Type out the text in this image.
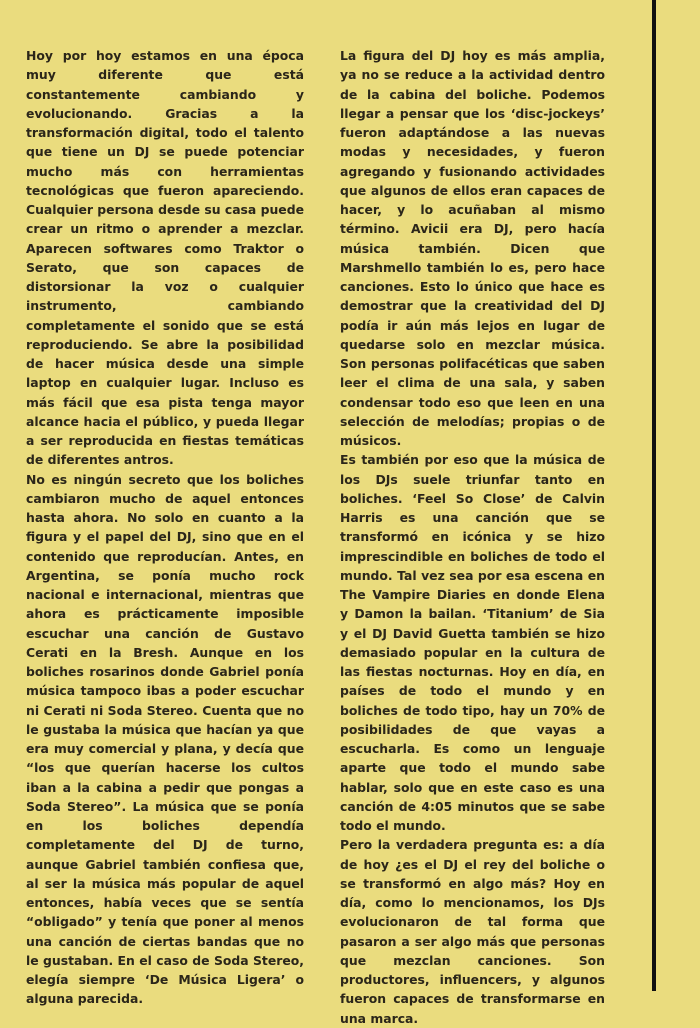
Hoy por hoy estamos en una época muy diferente que está constantemente cambiando y evolucionando. Gracias a la transformación digital, todo el talento que tiene un DJ se puede potenciar mucho más con herramientas tecnológicas que fueron apareciendo. Cualquier persona desde su casa puede crear un ritmo o aprender a mezclar. Aparecen softwares como Traktor o Serato, que son capaces de distorsionar la voz o cualquier instrumento, cambiando completamente el sonido que se está reproduciendo. Se abre la posibilidad de hacer música desde una simple laptop en cualquier lugar. Incluso es más fácil que esa pista tenga mayor alcance hacia el público, y pueda llegar a ser reproducida en fiestas temáticas de diferentes antros.

No es ningún secreto que los boliches cambiaron mucho de aquel entonces hasta ahora. No solo en cuanto a la figura y el papel del DJ, sino que en el contenido que reproducían. Antes, en Argentina, se ponía mucho rock nacional e internacional, mientras que ahora es prácticamente imposible escuchar una canción de Gustavo Cerati en la Bresh. Aunque en los boliches rosarinos donde Gabriel ponía música tampoco ibas a poder escuchar ni Cerati ni Soda Stereo. Cuenta que no le gustaba la música que hacían ya que era muy comercial y plana, y decía que “los que querían hacerse los cultos iban a la cabina a pedir que pongas a Soda Stereo”. La música que se ponía en los boliches dependía completamente del DJ de turno, aunque Gabriel también confiesa que, al ser la música más popular de aquel entonces, había veces que se sentía “obligado” y tenía que poner al menos una canción de ciertas bandas que no le gustaban. En el caso de Soda Stereo, elegía siempre ‘De Música Ligera’ o alguna parecida.

La figura del DJ hoy es más amplia, ya no se reduce a la actividad dentro de la cabina del boliche. Podemos llegar a pensar que los ‘disc-jockeys’ fueron adaptándose a las nuevas modas y necesidades, y fueron agregando y fusionando actividades que algunos de ellos eran capaces de hacer, y lo acuñaban al mismo término. Avicii era DJ, pero hacía música también. Dicen que Marshmello también lo es, pero hace canciones. Esto lo único que hace es demostrar que la creatividad del DJ podía ir aún más lejos en lugar de quedarse solo en mezclar música. Son personas polifacéticas que saben leer el clima de una sala, y saben condensar todo eso que leen en una selección de melodías; propias o de músicos.

Es también por eso que la música de los DJs suele triunfar tanto en boliches. ‘Feel So Close’ de Calvin Harris es una canción que se transformó en icónica y se hizo imprescindible en boliches de todo el mundo. Tal vez sea por esa escena en The Vampire Diaries en donde Elena y Damon la bailan. ‘Titanium’ de Sia y el DJ David Guetta también se hizo demasiado popular en la cultura de las fiestas nocturnas. Hoy en día, en países de todo el mundo y en boliches de todo tipo, hay un 70% de posibilidades de que vayas a escucharla. Es como un lenguaje aparte que todo el mundo sabe hablar, solo que en este caso es una canción de 4:05 minutos que se sabe todo el mundo.

Pero la verdadera pregunta es: a día de hoy ¿es el DJ el rey del boliche o se transformó en algo más? Hoy en día, como lo mencionamos, los DJs evolucionaron de tal forma que pasaron a ser algo más que personas que mezclan canciones. Son productores, influencers, y algunos fueron capaces de transformarse en una marca.
